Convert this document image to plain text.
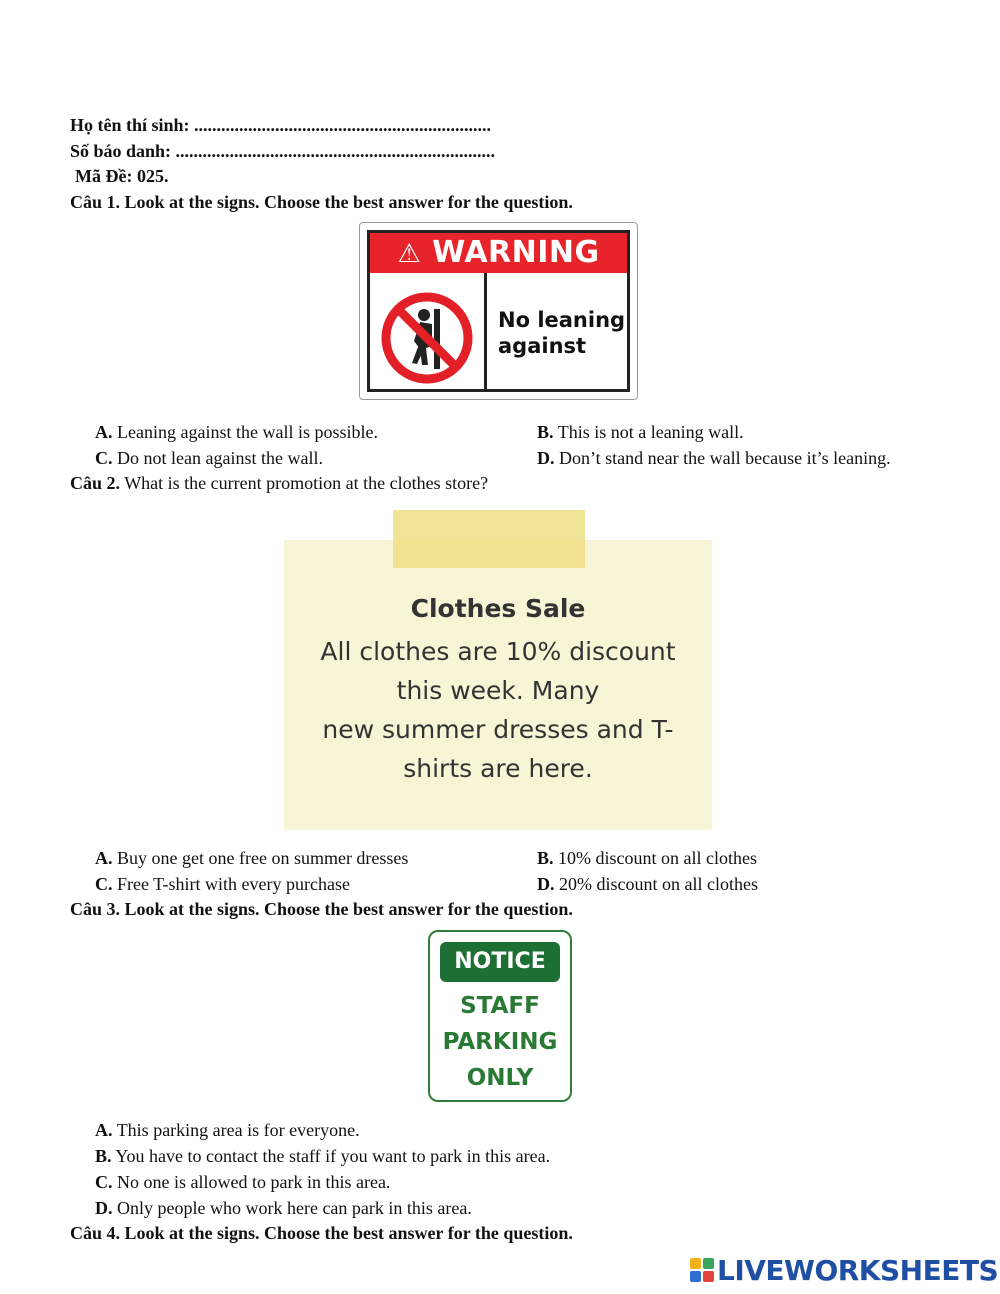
Họ tên thí sinh: ..................................................................
Số báo danh: .......................................................................
Mã Đề: 025.
Câu 1. Look at the signs. Choose the best answer for the question.
⚠ WARNING
No leaning
against
A. Leaning against the wall is possible.	B. This is not a leaning wall.
C. Do not lean against the wall.	D. Don’t stand near the wall because it’s leaning.
Câu 2. What is the current promotion at the clothes store?
Clothes Sale
All clothes are 10% discount
this week. Many
new summer dresses and T-
shirts are here.
A. Buy one get one free on summer dresses	B. 10% discount on all clothes
C. Free T-shirt with every purchase	D. 20% discount on all clothes
Câu 3. Look at the signs. Choose the best answer for the question.
NOTICE
STAFF
PARKING
ONLY
A. This parking area is for everyone.
B. You have to contact the staff if you want to park in this area.
C. No one is allowed to park in this area.
D. Only people who work here can park in this area.
Câu 4. Look at the signs. Choose the best answer for the question.
LIVEWORKSHEETS
